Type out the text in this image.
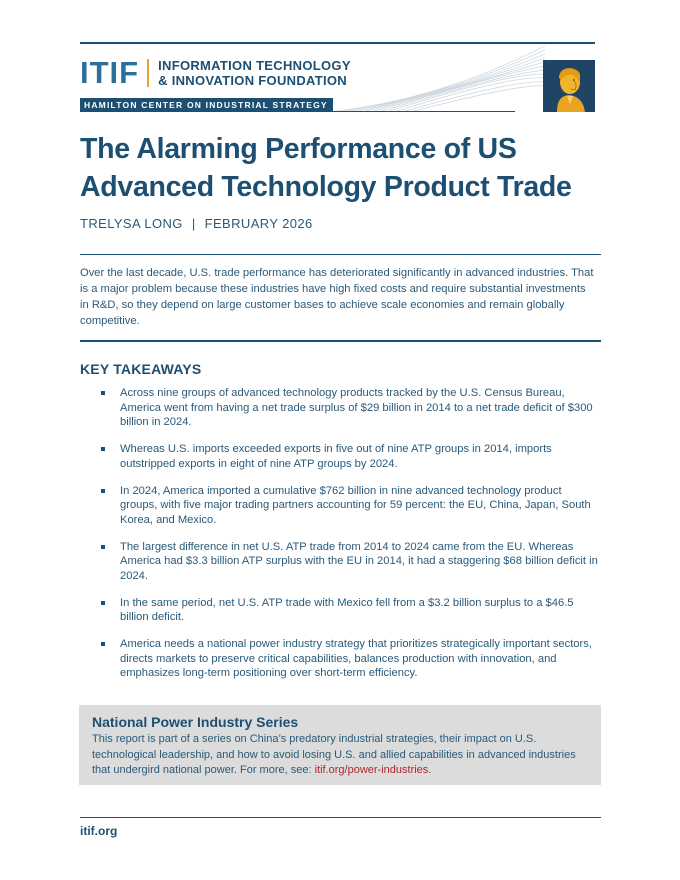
ITIF INFORMATION TECHNOLOGY
& INNOVATION FOUNDATION
HAMILTON CENTER ON INDUSTRIAL STRATEGY
The Alarming Performance of US Advanced Technology Product Trade
TRELYSA LONG | FEBRUARY 2026

Over the last decade, U.S. trade performance has deteriorated significantly in advanced industries. That is a major problem because these industries have high fixed costs and require substantial investments in R&D, so they depend on large customer bases to achieve scale economies and remain globally competitive.

KEY TAKEAWAYS
Across nine groups of advanced technology products tracked by the U.S. Census Bureau, America went from having a net trade surplus of $29 billion in 2014 to a net trade deficit of $300 billion in 2024.
Whereas U.S. imports exceeded exports in five out of nine ATP groups in 2014, imports outstripped exports in eight of nine ATP groups by 2024.
In 2024, America imported a cumulative $762 billion in nine advanced technology product groups, with five major trading partners accounting for 59 percent: the EU, China, Japan, South Korea, and Mexico.
The largest difference in net U.S. ATP trade from 2014 to 2024 came from the EU. Whereas America had $3.3 billion ATP surplus with the EU in 2014, it had a staggering $68 billion deficit in 2024.
In the same period, net U.S. ATP trade with Mexico fell from a $3.2 billion surplus to a $46.5 billion deficit.
America needs a national power industry strategy that prioritizes strategically important sectors, directs markets to preserve critical capabilities, balances production with innovation, and emphasizes long-term positioning over short-term efficiency.
National Power Industry Series

This report is part of a series on China’s predatory industrial strategies, their impact on U.S. technological leadership, and how to avoid losing U.S. and allied capabilities in advanced industries that undergird national power. For more, see: itif.org/power-industries.

itif.org
